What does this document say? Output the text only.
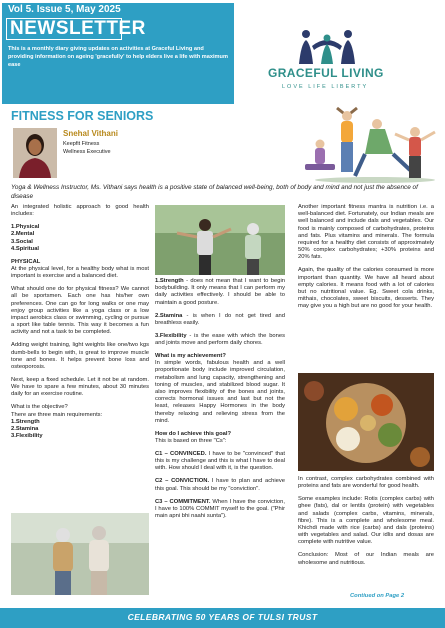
Vol 5. Issue 5, May 2025
NEWSLETTER
This is a monthly diary giving updates on activities at Graceful Living and providing information on ageing 'gracefully' to help elders live a life with maximum ease
GRACEFUL LIVING
LOVE LIFE LIBERTY
FITNESS FOR SENIORS
Snehal Vithani
Keepfit Fitness
Wellness Executive
Yoga & Wellness Instructor, Ms. Vithani says health is a positive state of balanced well-being, both of body and mind and not just the absence of disease

An integrated holistic approach to good health includes:

1.Physical
2.Mental
3.Social
4.Spiritual

PHYSICAL

At the physical level, for a healthy body what is most important is exercise and a balanced diet.

What should one do for physical fitness? We cannot all be sportsmen. Each one has his/her own preferences. One can go for long walks or one may enjoy group activities like a yoga class or a low impact aerobics class or swimming, cycling or pursue a sport like table tennis. This way it becomes a fun activity and not a task to be completed.

Adding weight training, light weights like one/two kgs dumb-bells to begin with, is great to improve muscle tone and bones. It helps prevent bone loss and osteoporosis.

Next, keep a fixed schedule. Let it not be at random. We have to spare a few minutes, about 30 minutes daily for an exercise routine.

What is the objective?

There are three main requirements:

1.Strength
2.Stamina
3.Flexibility

1.Strength - does not mean that I want to begin bodybuilding. It only means that I can perform my daily activities effectively. I should be able to maintain a good posture.

2.Stamina - is when I do not get tired and breathless easily.

3.Flexibility - is the ease with which the bones and joints move and perform daily chores.

What is my achievement?

In simple words, fabulous health and a well proportionate body include improved circulation, metabolism and lung capacity, strengthening and toning of muscles, and stabilized blood sugar. It also improves flexibility of the bones and joints, corrects hormonal issues and last but not the least, releases Happy Hormones in the body thereby relaxing and relieving stress from the mind.

How do I achieve this goal?

This is based on three "Cs":

C1 – CONVINCED. I have to be "convinced" that this is my challenge and this is what I have to deal with. How should I deal with it, is the question.

C2 – CONVICTION. I have to plan and achieve this goal. This should be my "conviction".

C3 – COMMITMENT. When I have the conviction, I have to 100% COMMIT myself to the goal. ("Phir main apni bhi naahi sunta").

Another important fitness mantra is nutrition i.e. a well-balanced diet. Fortunately, our Indian meals are well balanced and include dals and vegetables. Our food is mainly composed of carbohydrates, proteins and fats. Plus vitamins and minerals. The formula required for a healthy diet consists of approximately 50% complex carbohydrates; +30% proteins and 20% fats.

Again, the quality of the calories consumed is more important than quantity. We have all heard about empty calories. It means food with a lot of calories but no nutritional value. Eg. Sweet cola drinks, mithais, chocolates, sweet biscuits, desserts. They may give you a high but are no good for your health.

In contrast, complex carbohydrates combined with proteins and fats are wonderful for good health.

Some examples include: Rotis (complex carbs) with ghee (fats), dal or lentils (protein) with vegetables and salads (complex carbs, vitamins, minerals, fibre). This is a complete and wholesome meal. Khichdi made with rice (carbs) and dals (proteins) with vegetables and salad. Our idlis and dosas are complete with nutritive value.

Conclusion: Most of our Indian meals are wholesome and nutritious.

Contiued on Page 2
CELEBRATING 50 YEARS OF TULSI TRUST
